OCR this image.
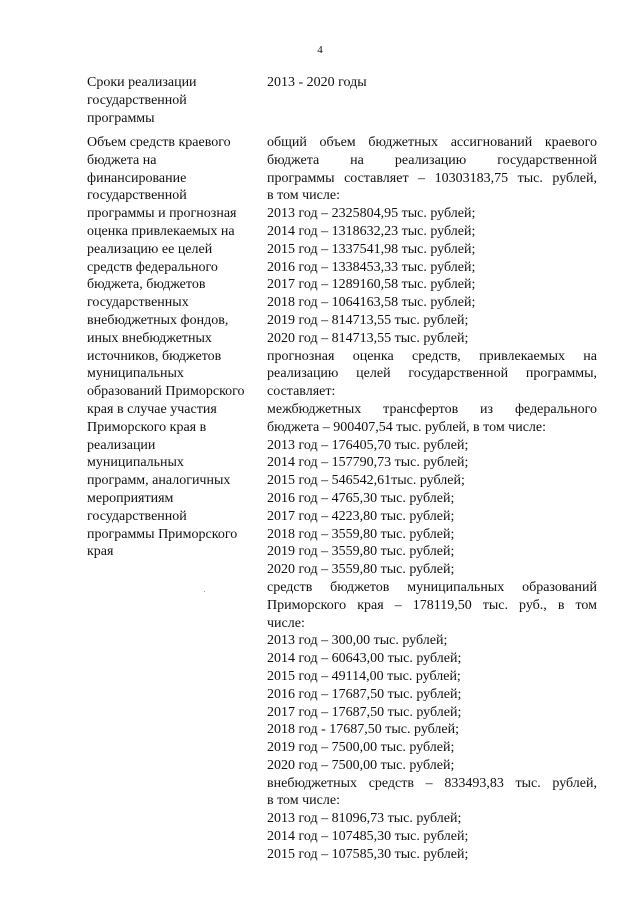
4
Сроки реализации
государственной
программы
2013 - 2020 годы
Объем средств краевого
бюджета на
финансирование
государственной
программы и прогнозная
оценка привлекаемых на
реализацию ее целей
средств федерального
бюджета, бюджетов
государственных
внебюджетных фондов,
иных внебюджетных
источников, бюджетов
муниципальных
образований Приморского
края в случае участия
Приморского края в
реализации
муниципальных
программ, аналогичных
мероприятиям
государственной
программы Приморского
края
общий объем бюджетных ассигнований краевого
бюджета на реализацию государственной
программы составляет – 10303183,75 тыс. рублей,
в том числе:
2013 год – 2325804,95 тыс. рублей;
2014 год – 1318632,23 тыс. рублей;
2015 год – 1337541,98 тыс. рублей;
2016 год – 1338453,33 тыс. рублей;
2017 год – 1289160,58 тыс. рублей;
2018 год – 1064163,58 тыс. рублей;
2019 год – 814713,55 тыс. рублей;
2020 год – 814713,55 тыс. рублей;
прогнозная оценка средств, привлекаемых на
реализацию целей государственной программы,
составляет:
межбюджетных трансфертов из федерального
бюджета – 900407,54 тыс. рублей, в том числе:
2013 год – 176405,70 тыс. рублей;
2014 год – 157790,73 тыс. рублей;
2015 год – 546542,61тыс. рублей;
2016 год – 4765,30 тыс. рублей;
2017 год – 4223,80 тыс. рублей;
2018 год – 3559,80 тыс. рублей;
2019 год – 3559,80 тыс. рублей;
2020 год – 3559,80 тыс. рублей;
средств бюджетов муниципальных образований
Приморского края – 178119,50 тыс. руб., в том
числе:
2013 год – 300,00 тыс. рублей;
2014 год – 60643,00 тыс. рублей;
2015 год – 49114,00 тыс. рублей;
2016 год – 17687,50 тыс. рублей;
2017 год – 17687,50 тыс. рублей;
2018 год - 17687,50 тыс. рублей;
2019 год – 7500,00 тыс. рублей;
2020 год – 7500,00 тыс. рублей;
внебюджетных средств – 833493,83 тыс. рублей,
в том числе:
2013 год – 81096,73 тыс. рублей;
2014 год – 107485,30 тыс. рублей;
2015 год – 107585,30 тыс. рублей;
